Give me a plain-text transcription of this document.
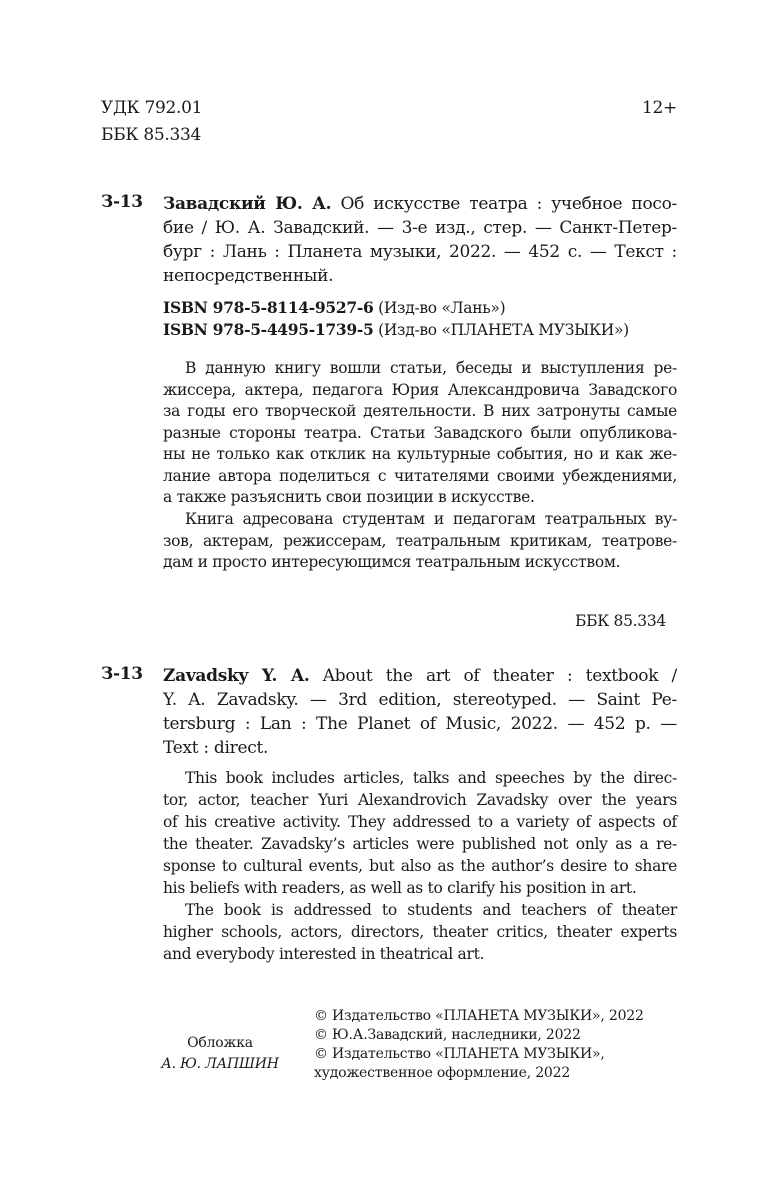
УДК 792.01	12+
ББК 85.334
З-13 Завадский Ю. А. Об искусстве театра : учебное посо-
бие / Ю. А. Завадский. — 3-е изд., стер. — Санкт-Петер-
бург : Лань : Планета музыки, 2022. — 452 с. — Текст :
непосредственный.
ISBN 978-5-8114-9527-6 (Изд-во «Лань»)
ISBN 978-5-4495-1739-5 (Изд-во «ПЛАНЕТА МУЗЫКИ»)
В данную книгу вошли статьи, беседы и выступления ре-
жиссера, актера, педагога Юрия Александровича Завадского
за годы его творческой деятельности. В них затронуты самые
разные стороны театра. Статьи Завадского были опубликова-
ны не только как отклик на культурные события, но и как же-
лание автора поделиться с читателями своими убеждениями,
а также разъяснить свои позиции в искусстве.
Книга адресована студентам и педагогам театральных ву-
зов, актерам, режиссерам, театральным критикам, театрове-
дам и просто интересующимся театральным искусством.
ББК 85.334
З-13 Zavadsky Y. A. About the art of theater : textbook /
Y. A. Zavadsky. — 3rd edition, stereotyped. — Saint Pe-
tersburg : Lan : The Planet of Music, 2022. — 452 p. —
Text : direct.
This book includes articles, talks and speeches by the direc-
tor, actor, teacher Yuri Alexandrovich Zavadsky over the years
of his creative activity. They addressed to a variety of aspects of
the theater. Zavadsky’s articles were published not only as a re-
sponse to cultural events, but also as the author’s desire to share
his beliefs with readers, as well as to clarify his position in art.
The book is addressed to students and teachers of theater
higher schools, actors, directors, theater critics, theater experts
and everybody interested in theatrical art.
Обложка
А. Ю. ЛАПШИН
© Издательство «ПЛАНЕТА МУЗЫКИ», 2022
© Ю.А.Завадский, наследники, 2022
© Издательство «ПЛАНЕТА МУЗЫКИ»,
художественное оформление, 2022
